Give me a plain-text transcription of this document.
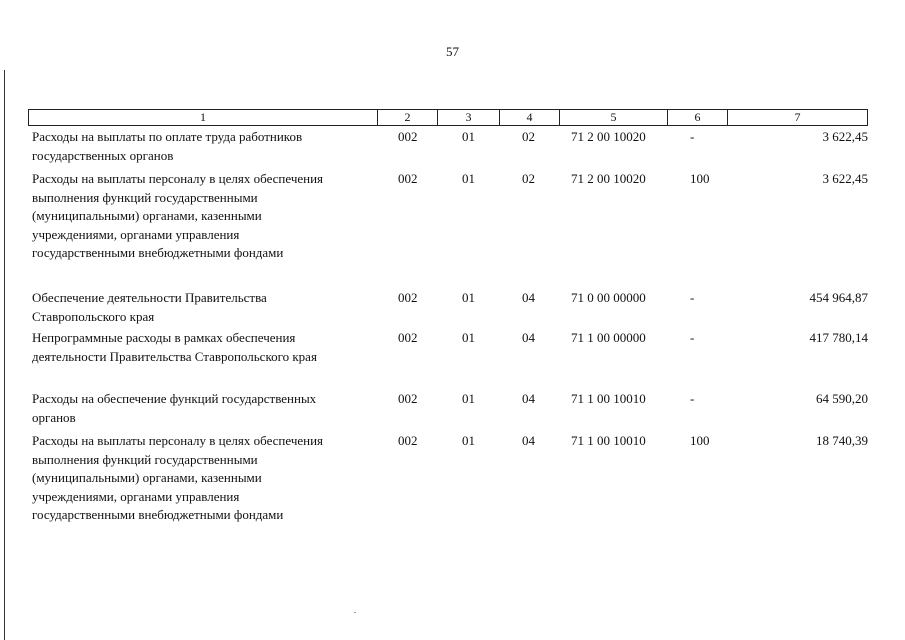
57
1	2	3	4	5	6	7
Расходы на выплаты по оплате труда работников
государственных органов
002	01	02	71 2 00 10020	-	3 622,45
Расходы на выплаты персоналу в целях обеспечения
выполнения функций государственными
(муниципальными) органами, казенными
учреждениями, органами управления
государственными внебюджетными фондами
002	01	02	71 2 00 10020	100	3 622,45
Обеспечение деятельности Правительства
Ставропольского края
002	01	04	71 0 00 00000	-	454 964,87
Непрограммные расходы в рамках обеспечения
деятельности Правительства Ставропольского края
002	01	04	71 1 00 00000	-	417 780,14
Расходы на обеспечение функций государственных
органов
002	01	04	71 1 00 10010	-	64 590,20
Расходы на выплаты персоналу в целях обеспечения
выполнения функций государственными
(муниципальными) органами, казенными
учреждениями, органами управления
государственными внебюджетными фондами
002	01	04	71 1 00 10010	100	18 740,39
